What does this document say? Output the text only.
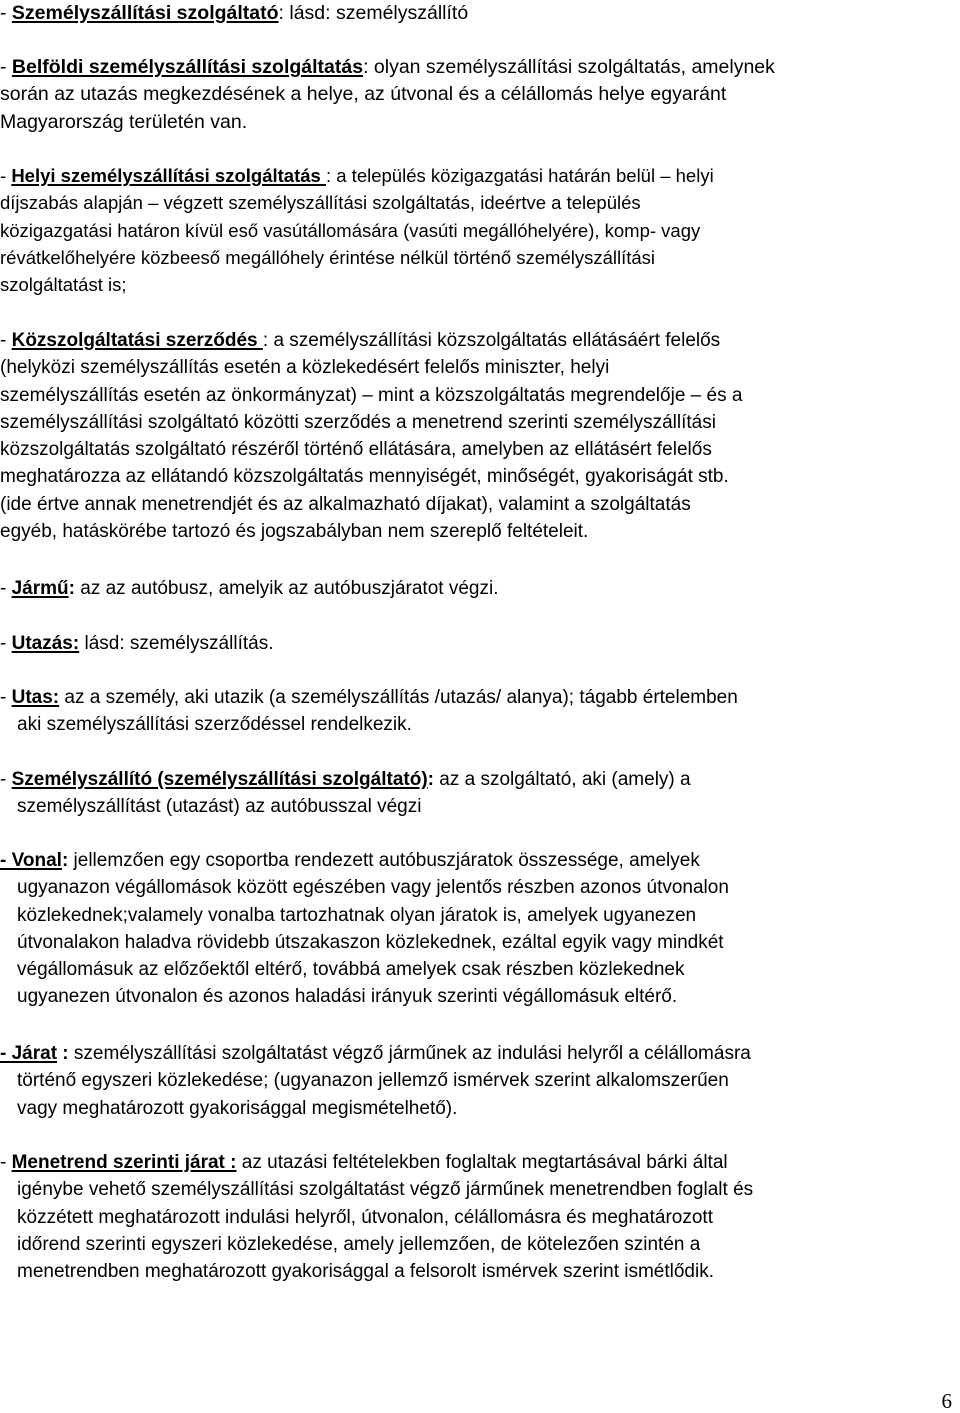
- Személyszállítási szolgáltató: lásd: személyszállító
- Belföldi személyszállítási szolgáltatás: olyan személyszállítási szolgáltatás, amelynek
során az utazás megkezdésének a helye, az útvonal és a célállomás helye egyaránt
Magyarország területén van.
- Helyi személyszállítási szolgáltatás : a település közigazgatási határán belül – helyi
díjszabás alapján – végzett személyszállítási szolgáltatás, ideértve a település
közigazgatási határon kívül eső vasútállomására (vasúti megállóhelyére), komp- vagy
révátkelőhelyére közbeeső megállóhely érintése nélkül történő személyszállítási
szolgáltatást is;
- Közszolgáltatási szerződés : a személyszállítási közszolgáltatás ellátásáért felelős
(helyközi személyszállítás esetén a közlekedésért felelős miniszter, helyi
személyszállítás esetén az önkormányzat) – mint a közszolgáltatás megrendelője – és a
személyszállítási szolgáltató közötti szerződés a menetrend szerinti személyszállítási
közszolgáltatás szolgáltató részéről történő ellátására, amelyben az ellátásért felelős
meghatározza az ellátandó közszolgáltatás mennyiségét, minőségét, gyakoriságát stb.
(ide értve annak menetrendjét és az alkalmazható díjakat), valamint a szolgáltatás
egyéb, hatáskörébe tartozó és jogszabályban nem szereplő feltételeit.
- Jármű: az az autóbusz, amelyik az autóbuszjáratot végzi.
- Utazás: lásd: személyszállítás.
- Utas: az a személy, aki utazik (a személyszállítás /utazás/ alanya); tágabb értelemben
aki személyszállítási szerződéssel rendelkezik.
- Személyszállító (személyszállítási szolgáltató): az a szolgáltató, aki (amely) a
személyszállítást (utazást) az autóbusszal végzi
- Vonal: jellemzően egy csoportba rendezett autóbuszjáratok összessége, amelyek
ugyanazon végállomások között egészében vagy jelentős részben azonos útvonalon
közlekednek;valamely vonalba tartozhatnak olyan járatok is, amelyek ugyanezen
útvonalakon haladva rövidebb útszakaszon közlekednek, ezáltal egyik vagy mindkét
végállomásuk az előzőektől eltérő, továbbá amelyek csak részben közlekednek
ugyanezen útvonalon és azonos haladási irányuk szerinti végállomásuk eltérő.
- Járat : személyszállítási szolgáltatást végző járműnek az indulási helyről a célállomásra
történő egyszeri közlekedése; (ugyanazon jellemző ismérvek szerint alkalomszerűen
vagy meghatározott gyakorisággal megismételhető).
- Menetrend szerinti járat : az utazási feltételekben foglaltak megtartásával bárki által
igénybe vehető személyszállítási szolgáltatást végző járműnek menetrendben foglalt és
közzétett meghatározott indulási helyről, útvonalon, célállomásra és meghatározott
időrend szerinti egyszeri közlekedése, amely jellemzően, de kötelezően szintén a
menetrendben meghatározott gyakorisággal a felsorolt ismérvek szerint ismétlődik.
6
